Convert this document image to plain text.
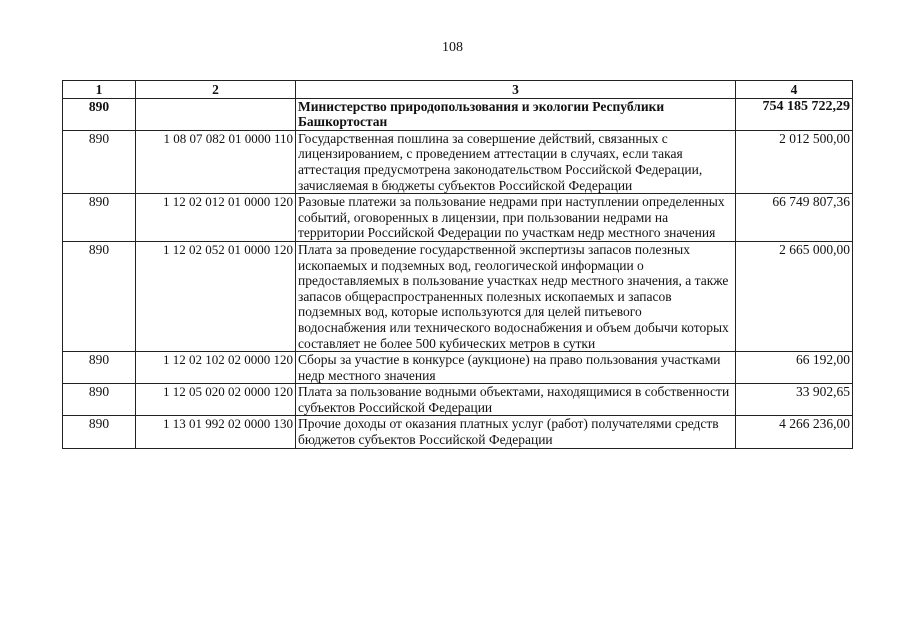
108
1	2	3	4
890		Министерство природопользования и экологии Республики Башкортостан	754 185 722,29
890	1 08 07 082 01 0000 110	Государственная пошлина за совершение действий, связанных с лицензированием, с проведением аттестации в случаях, если такая аттестация предусмотрена законодательством Российской Федерации, зачисляемая в бюджеты субъектов Российской Федерации	2 012 500,00
890	1 12 02 012 01 0000 120	Разовые платежи за пользование недрами при наступлении определенных событий, оговоренных в лицензии, при пользовании недрами на территории Российской Федерации по участкам недр местного значения	66 749 807,36
890	1 12 02 052 01 0000 120	Плата за проведение государственной экспертизы запасов полезных ископаемых и подземных вод, геологической информации о предоставляемых в пользование участках недр местного значения, а также запасов общераспространенных полезных ископаемых и запасов подземных вод, которые используются для целей питьевого водоснабжения или технического водоснабжения и объем добычи которых составляет не более 500 кубических метров в сутки	2 665 000,00
890	1 12 02 102 02 0000 120	Сборы за участие в конкурсе (аукционе) на право пользования участками недр местного значения	66 192,00
890	1 12 05 020 02 0000 120	Плата за пользование водными объектами, находящимися в собственности субъектов Российской Федерации	33 902,65
890	1 13 01 992 02 0000 130	Прочие доходы от оказания платных услуг (работ) получателями средств бюджетов субъектов Российской Федерации	4 266 236,00
